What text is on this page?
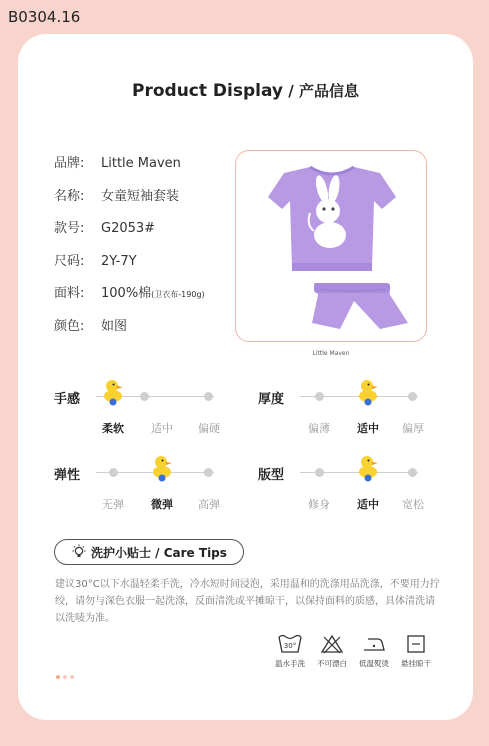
B0304.16
Product Display / 产品信息
品牌: Little Maven
名称: 女童短袖套装
款号: G2053#
尺码: 2Y-7Y
面料: 100%棉(卫衣布-190g)
颜色: 如图
Little Maven
手感
柔软	适中	偏硬
厚度
偏薄	适中	偏厚
弹性
无弹	微弹	高弹
版型
修身	适中	宽松
洗护小贴士 / Care Tips
建议30°C以下水温轻柔手洗，冷水短时间浸泡，采用温和的洗涤用品洗涤，不要用力拧绞，请勿与深色衣服一起洗涤，反面清洗或平摊晾干，以保持面料的质感，具体清洗请以洗唛为准。
30°
温水手洗	不可漂白	低温熨烫	悬挂晾干
